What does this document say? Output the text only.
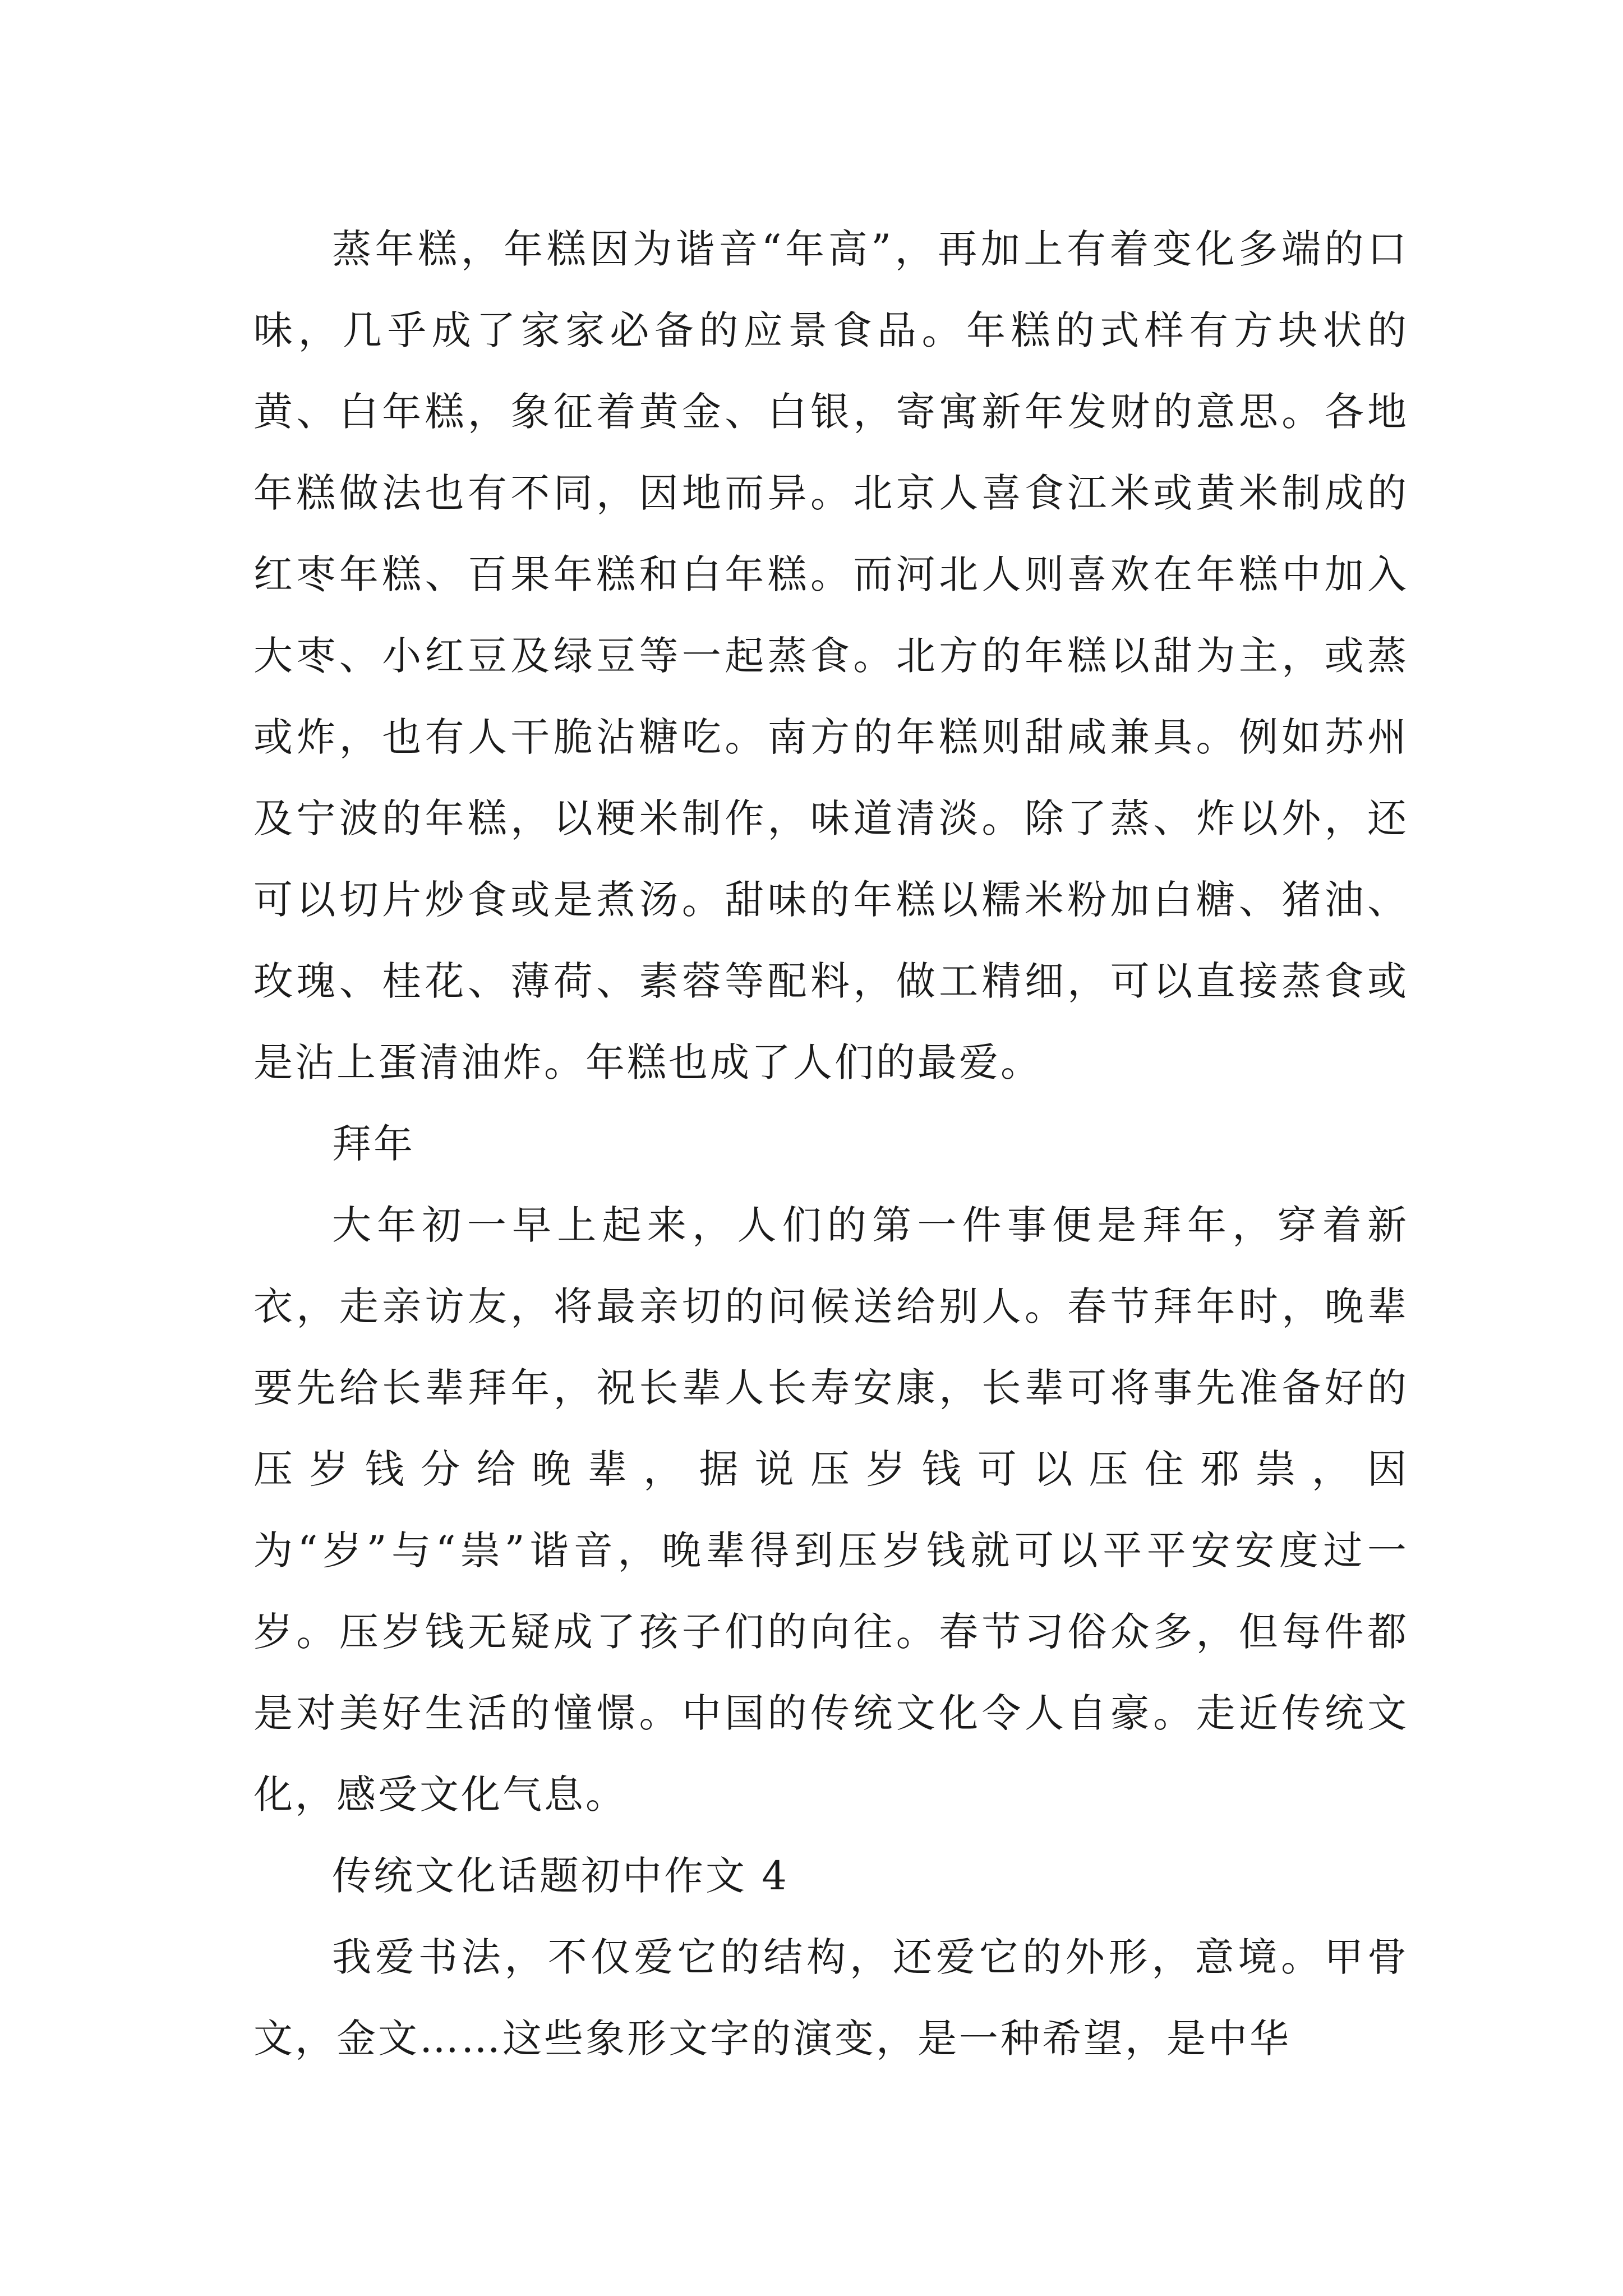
蒸年糕，年糕因为谐音“年高”，再加上有着变化多端的口味，几乎成了家家必备的应景食品。年糕的式样有方块状的黄、白年糕，象征着黄金、白银，寄寓新年发财的意思。各地年糕做法也有不同，因地而异。北京人喜食江米或黄米制成的红枣年糕、百果年糕和白年糕。而河北人则喜欢在年糕中加入大枣、小红豆及绿豆等一起蒸食。北方的年糕以甜为主，或蒸或炸，也有人干脆沾糖吃。南方的年糕则甜咸兼具。例如苏州及宁波的年糕，以粳米制作，味道清淡。除了蒸、炸以外，还可以切片炒食或是煮汤。甜味的年糕以糯米粉加白糖、猪油、玫瑰、桂花、薄荷、素蓉等配料，做工精细，可以直接蒸食或是沾上蛋清油炸。年糕也成了人们的最爱。

拜年

大年初一早上起来，人们的第一件事便是拜年，穿着新衣，走亲访友，将最亲切的问候送给别人。春节拜年时，晚辈要先给长辈拜年，祝长辈人长寿安康，长辈可将事先准备好的压岁钱分给晚辈，据说压岁钱可以压住邪祟，因为“岁”与“祟”谐音，晚辈得到压岁钱就可以平平安安度过一岁。压岁钱无疑成了孩子们的向往。春节习俗众多，但每件都是对美好生活的憧憬。中国的传统文化令人自豪。走近传统文化，感受文化气息。

传统文化话题初中作文 4

我爱书法，不仅爱它的结构，还爱它的外形，意境。甲骨文，金文……这些象形文字的演变，是一种希望，是中华
